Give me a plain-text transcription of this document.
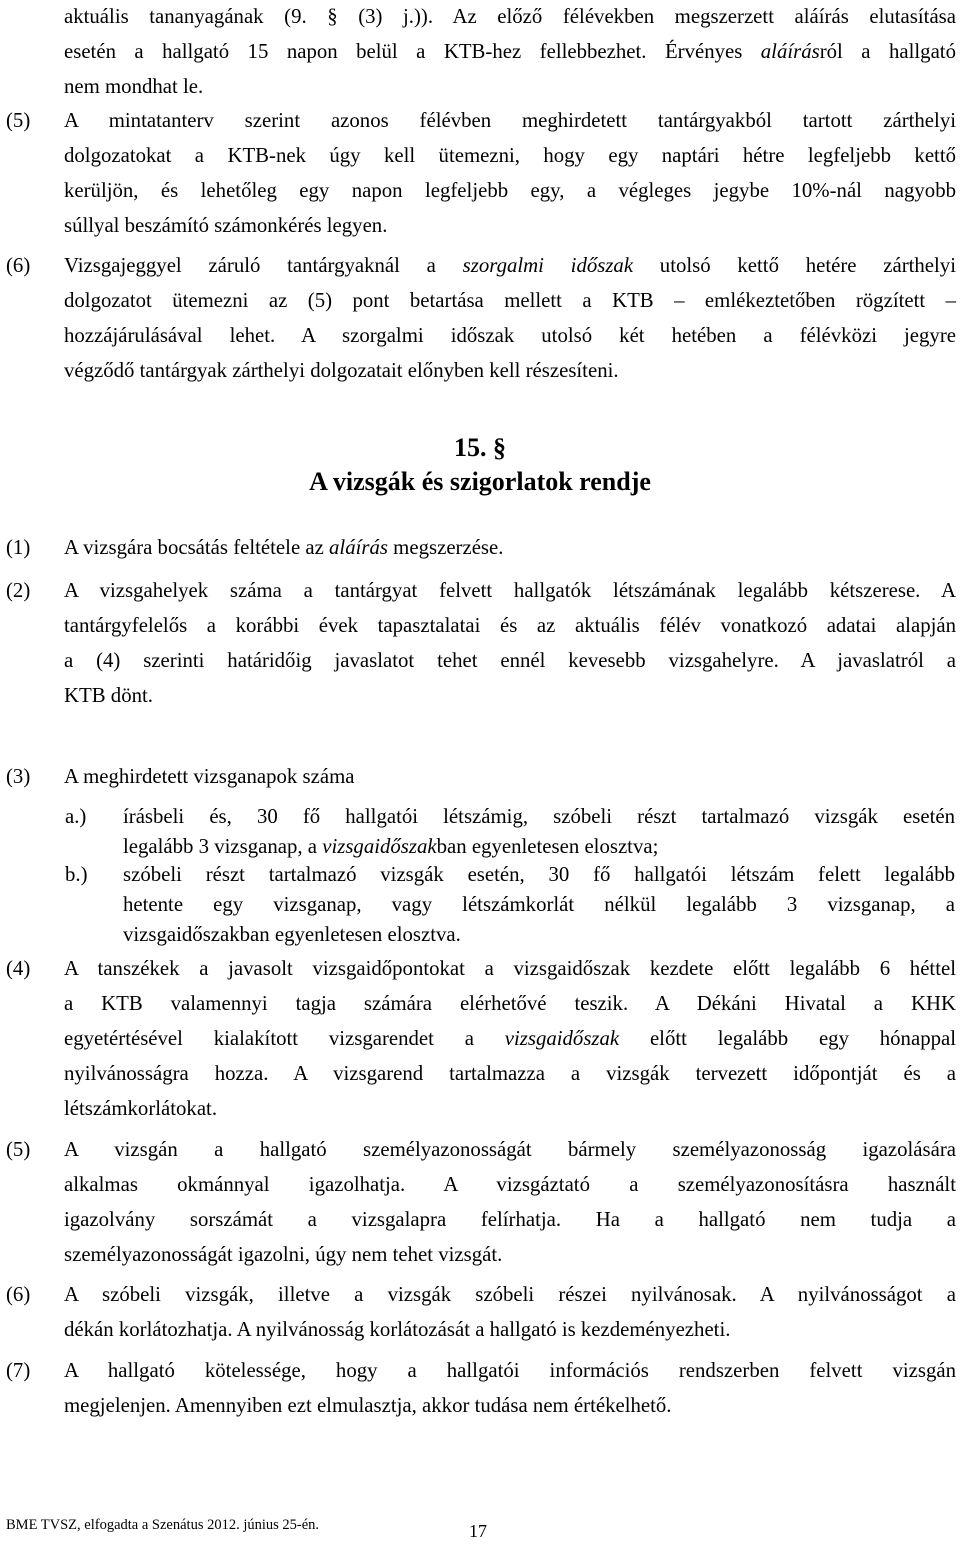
aktuális tananyagának (9. § (3) j.)). Az előző félévekben megszerzett aláírás elutasítása

esetén a hallgató 15 napon belül a KTB-hez fellebbezhet. Érvényes aláírásról a hallgató

nem mondhat le.

(5)	A mintatanterv szerint azonos félévben meghirdetett tantárgyakból tartott zárthelyi

dolgozatokat a KTB-nek úgy kell ütemezni, hogy egy naptári hétre legfeljebb kettő

kerüljön, és lehetőleg egy napon legfeljebb egy, a végleges jegybe 10%-nál nagyobb

súllyal beszámító számonkérés legyen.

(6)	Vizsgajeggyel záruló tantárgyaknál a szorgalmi időszak utolsó kettő hetére zárthelyi

dolgozatot ütemezni az (5) pont betartása mellett a KTB – emlékeztetőben rögzített –

hozzájárulásával lehet. A szorgalmi időszak utolsó két hetében a félévközi jegyre

végződő tantárgyak zárthelyi dolgozatait előnyben kell részesíteni.

15. §
A vizsgák és szigorlatok rendje
(1)	A vizsgára bocsátás feltétele az aláírás megszerzése.

(2)	A vizsgahelyek száma a tantárgyat felvett hallgatók létszámának legalább kétszerese. A

tantárgyfelelős a korábbi évek tapasztalatai és az aktuális félév vonatkozó adatai alapján

a (4) szerinti határidőig javaslatot tehet ennél kevesebb vizsgahelyre. A javaslatról a

KTB dönt.

(3)	A meghirdetett vizsganapok száma

a.)	írásbeli és, 30 fő hallgatói létszámig, szóbeli részt tartalmazó vizsgák esetén

legalább 3 vizsganap, a vizsgaidőszakban egyenletesen elosztva;

b.)	szóbeli részt tartalmazó vizsgák esetén, 30 fő hallgatói létszám felett legalább

hetente egy vizsganap, vagy létszámkorlát nélkül legalább 3 vizsganap, a

vizsgaidőszakban egyenletesen elosztva.

(4)	A tanszékek a javasolt vizsgaidőpontokat a vizsgaidőszak kezdete előtt legalább 6 héttel

a KTB valamennyi tagja számára elérhetővé teszik. A Dékáni Hivatal a KHK

egyetértésével kialakított vizsgarendet a vizsgaidőszak előtt legalább egy hónappal

nyilvánosságra hozza. A vizsgarend tartalmazza a vizsgák tervezett időpontját és a

létszámkorlátokat.

(5)	A vizsgán a hallgató személyazonosságát bármely személyazonosság igazolására

alkalmas okmánnyal igazolhatja. A vizsgáztató a személyazonosításra használt

igazolvány sorszámát a vizsgalapra felírhatja. Ha a hallgató nem tudja a

személyazonosságát igazolni, úgy nem tehet vizsgát.

(6)	A szóbeli vizsgák, illetve a vizsgák szóbeli részei nyilvánosak. A nyilvánosságot a

dékán korlátozhatja. A nyilvánosság korlátozását a hallgató is kezdeményezheti.

(7)	A hallgató kötelessége, hogy a hallgatói információs rendszerben felvett vizsgán

megjelenjen. Amennyiben ezt elmulasztja, akkor tudása nem értékelhető.

BME TVSZ, elfogadta a Szenátus 2012. június 25-én.	17
